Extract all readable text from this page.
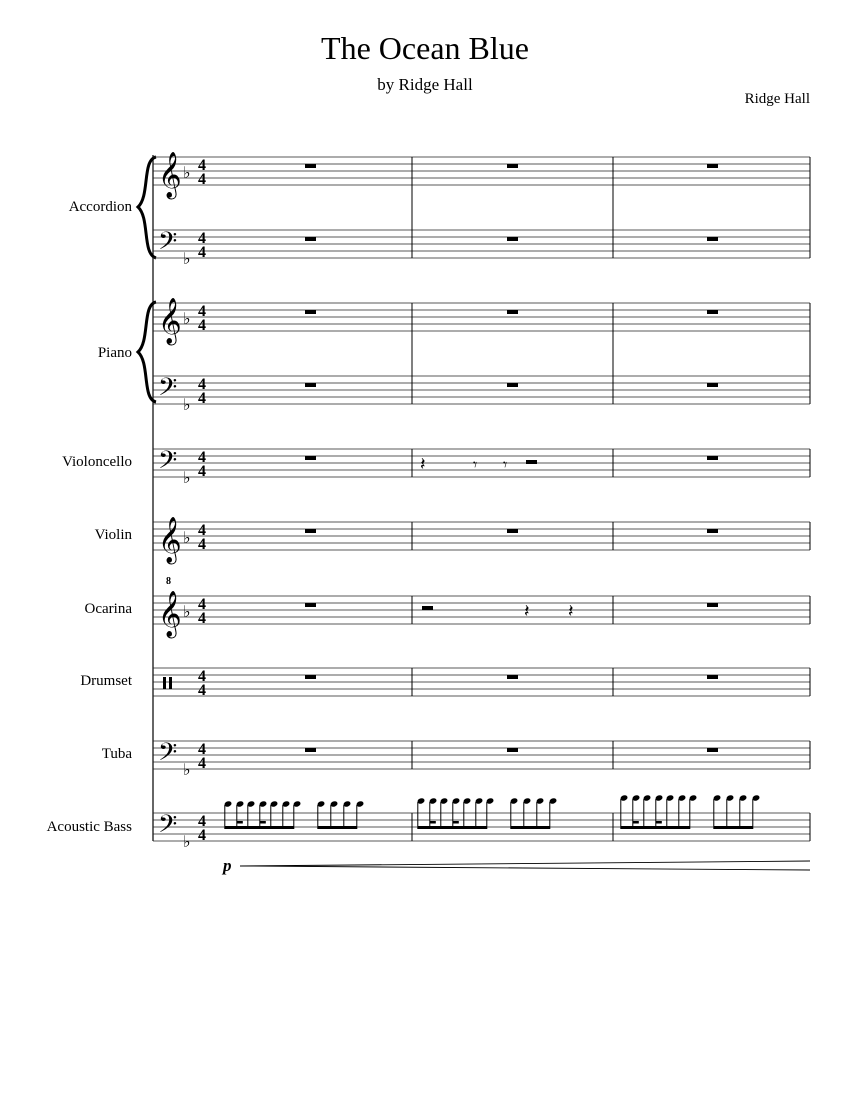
The Ocean Blue
by Ridge Hall
Ridge Hall
Accordion
Piano
Violoncello
Violin
Ocarina
Drumset
Tuba
Acoustic Bass
𝄞
𝄢
𝄞
𝄢
𝄢
𝄞
𝄞
𝄢
𝄢
8
♭
♭
♭
♭
♭
♭
♭
♭
♭
4
4
4
4
4
4
4
4
4
4
4
4
4
4
4
4
4
4
4
4
𝄽	𝄾 𝄾
𝄽 𝄽
p
